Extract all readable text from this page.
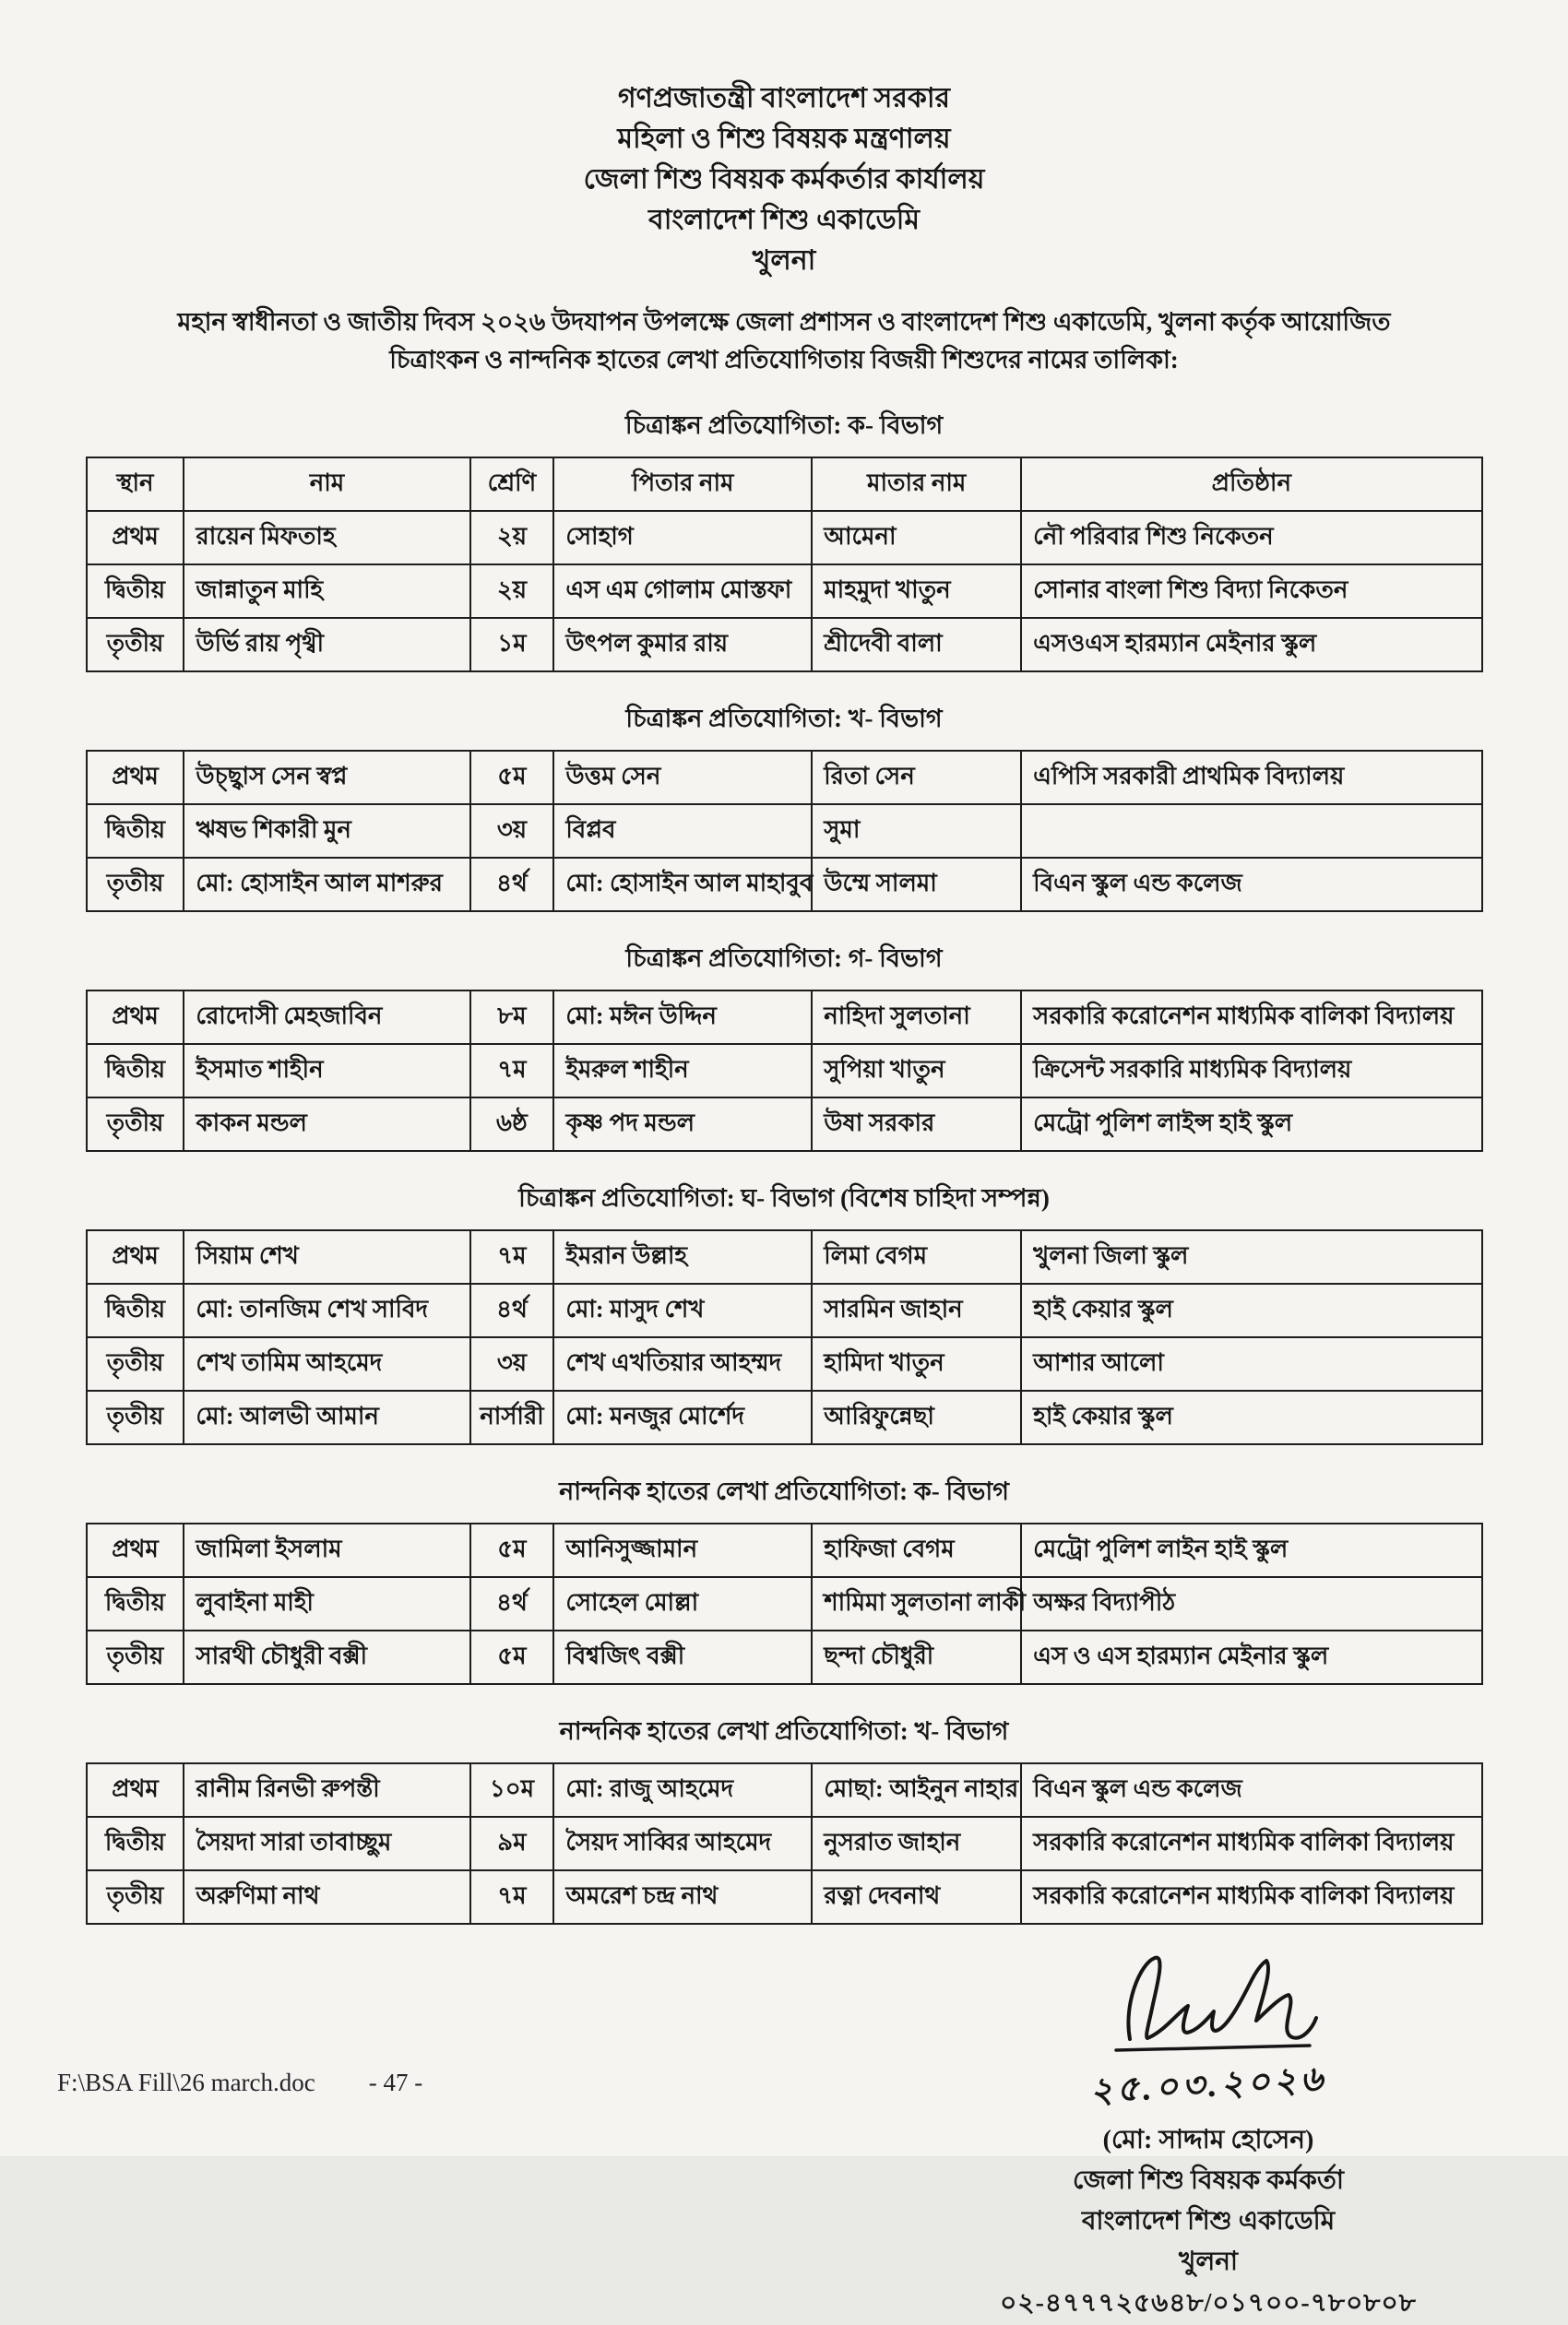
গণপ্রজাতন্ত্রী বাংলাদেশ সরকার
মহিলা ও শিশু বিষয়ক মন্ত্রণালয়
জেলা শিশু বিষয়ক কর্মকর্তার কার্যালয়
বাংলাদেশ শিশু একাডেমি
খুলনা
মহান স্বাধীনতা ও জাতীয় দিবস ২০২৬ উদযাপন উপলক্ষে জেলা প্রশাসন ও বাংলাদেশ শিশু একাডেমি, খুলনা কর্তৃক আয়োজিত
চিত্রাংকন ও নান্দনিক হাতের লেখা প্রতিযোগিতায় বিজয়ী শিশুদের নামের তালিকা:
চিত্রাঙ্কন প্রতিযোগিতা: ক- বিভাগ
স্থান	নাম	শ্রেণি	পিতার নাম	মাতার নাম	প্রতিষ্ঠান
প্রথম	রায়েন মিফতাহ	২য়	সোহাগ	আমেনা	নৌ পরিবার শিশু নিকেতন
দ্বিতীয়	জান্নাতুন মাহি	২য়	এস এম গোলাম মোস্তফা	মাহমুদা খাতুন	সোনার বাংলা শিশু বিদ্যা নিকেতন
তৃতীয়	উর্ভি রায় পৃথ্বী	১ম	উৎপল কুমার রায়	শ্রীদেবী বালা	এসওএস হারম্যান মেইনার স্কুল
চিত্রাঙ্কন প্রতিযোগিতা: খ- বিভাগ
প্রথম	উচ্ছ্বাস সেন স্বপ্ন	৫ম	উত্তম সেন	রিতা সেন	এপিসি সরকারী প্রাথমিক বিদ্যালয়
দ্বিতীয়	ঋষভ শিকারী মুন	৩য়	বিপ্লব	সুমা	
তৃতীয়	মো: হোসাইন আল মাশরুর	৪র্থ	মো: হোসাইন আল মাহাবুব	উম্মে সালমা	বিএন স্কুল এন্ড কলেজ
চিত্রাঙ্কন প্রতিযোগিতা: গ- বিভাগ
প্রথম	রোদোসী মেহজাবিন	৮ম	মো: মঈন উদ্দিন	নাহিদা সুলতানা	সরকারি করোনেশন মাধ্যমিক বালিকা বিদ্যালয়
দ্বিতীয়	ইসমাত শাহীন	৭ম	ইমরুল শাহীন	সুপিয়া খাতুন	ক্রিসেন্ট সরকারি মাধ্যমিক বিদ্যালয়
তৃতীয়	কাকন মন্ডল	৬ষ্ঠ	কৃষ্ণ পদ মন্ডল	উষা সরকার	মেট্রো পুলিশ লাইন্স হাই স্কুল
চিত্রাঙ্কন প্রতিযোগিতা: ঘ- বিভাগ (বিশেষ চাহিদা সম্পন্ন)
প্রথম	সিয়াম শেখ	৭ম	ইমরান উল্লাহ	লিমা বেগম	খুলনা জিলা স্কুল
দ্বিতীয়	মো: তানজিম শেখ সাবিদ	৪র্থ	মো: মাসুদ শেখ	সারমিন জাহান	হাই কেয়ার স্কুল
তৃতীয়	শেখ তামিম আহমেদ	৩য়	শেখ এখতিয়ার আহম্মদ	হামিদা খাতুন	আশার আলো
তৃতীয়	মো: আলভী আমান	নার্সারী	মো: মনজুর মোর্শেদ	আরিফুন্নেছা	হাই কেয়ার স্কুল
নান্দনিক হাতের লেখা প্রতিযোগিতা: ক- বিভাগ
প্রথম	জামিলা ইসলাম	৫ম	আনিসুজ্জামান	হাফিজা বেগম	মেট্রো পুলিশ লাইন হাই স্কুল
দ্বিতীয়	লুবাইনা মাহী	৪র্থ	সোহেল মোল্লা	শামিমা সুলতানা লাকী	অক্ষর বিদ্যাপীঠ
তৃতীয়	সারথী চৌধুরী বক্সী	৫ম	বিশ্বজিৎ বক্সী	ছন্দা চৌধুরী	এস ও এস হারম্যান মেইনার স্কুল
নান্দনিক হাতের লেখা প্রতিযোগিতা: খ- বিভাগ
প্রথম	রানীম রিনভী রুপন্তী	১০ম	মো: রাজু আহমেদ	মোছা: আইনুন নাহার	বিএন স্কুল এন্ড কলেজ
দ্বিতীয়	সৈয়দা সারা তাবাচ্ছুম	৯ম	সৈয়দ সাব্বির আহমেদ	নুসরাত জাহান	সরকারি করোনেশন মাধ্যমিক বালিকা বিদ্যালয়
তৃতীয়	অরুণিমা নাথ	৭ম	অমরেশ চন্দ্র নাথ	রত্না দেবনাথ	সরকারি করোনেশন মাধ্যমিক বালিকা বিদ্যালয়
২৫.০৩.২০২৬
(মো: সাদ্দাম হোসেন)
জেলা শিশু বিষয়ক কর্মকর্তা
বাংলাদেশ শিশু একাডেমি
খুলনা
০২-৪৭৭৭২৫৬৪৮/০১৭০০-৭৮০৮০৮
F:\BSA Fill\26 march.doc - 47 -
